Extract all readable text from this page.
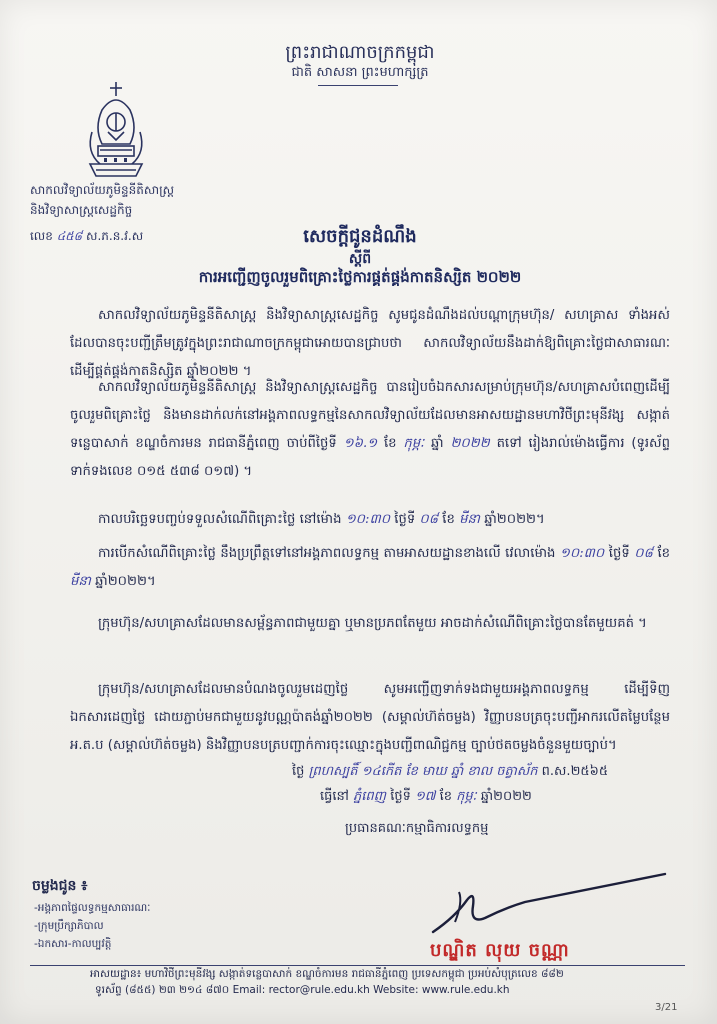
ព្រះរាជាណាចក្រកម្ពុជា
ជាតិ សាសនា ព្រះមហាក្សត្រ
សាកលវិទ្យាល័យភូមិន្ទនីតិសាស្ត្រ
និងវិទ្យាសាស្ត្រសេដ្ឋកិច្ច
លេខ ៤៥៨ ស.ភ.ន.វ.ស	សេចក្តីជូនដំណឹង
ស្តីពី
ការអញ្ជើញចូលរួមពិគ្រោះថ្លៃការផ្គត់ផ្គង់កាតនិស្សិត ២០២២
សាកលវិទ្យាល័យភូមិន្ទនីតិសាស្ត្រ និងវិទ្យាសាស្ត្រសេដ្ឋកិច្ច សូមជូនដំណឹងដល់បណ្តាក្រុមហ៊ុន/ សហគ្រាស ទាំងអស់ ដែលបានចុះបញ្ជីត្រឹមត្រូវក្នុងព្រះរាជាណាចក្រកម្ពុជាអោយបានជ្រាបថា សាកលវិទ្យាល័យនឹងដាក់ឱ្យពិគ្រោះថ្លៃជាសាធារណៈ ដើម្បីផ្គត់ផ្គង់កាតនិស្សិត ឆ្នាំ២០២២ ។
សាកលវិទ្យាល័យភូមិន្ទនីតិសាស្ត្រ និងវិទ្យាសាស្ត្រសេដ្ឋកិច្ច បានរៀបចំឯកសារសម្រាប់ក្រុមហ៊ុន/សហគ្រាសបំពេញដើម្បីចូលរួមពិគ្រោះថ្លៃ និងមានដាក់លក់នៅអង្គភាពលទ្ធកម្មនៃសាកលវិទ្យាល័យដែលមានអាសយដ្ឋានមហាវិថីព្រះមុនីវង្ស សង្កាត់ទន្លេបាសាក់ ខណ្ឌចំការមន រាជធានីភ្នំពេញ ចាប់ពីថ្ងៃទី ១៦.១ ខែ កុម្ភៈ ឆ្នាំ ២០២២ តទៅ រៀងរាល់ម៉ោងធ្វើការ (ទូរស័ព្ទទាក់ទងលេខ ០១៥ ៥៣៨ ០១៧) ។
កាលបរិច្ឆេទបញ្ចប់ទទួលសំណើពិគ្រោះថ្លៃ នៅម៉ោង ១០:៣០ ថ្ងៃទី ០៨ ខែ មីនា ឆ្នាំ២០២២។
ការបើកសំណើពិគ្រោះថ្លៃ នឹងប្រព្រឹត្តទៅនៅអង្គភាពលទ្ធកម្ម តាមអាសយដ្ឋានខាងលើ វេលាម៉ោង ១០:៣០ ថ្ងៃទី ០៨ ខែ មីនា ឆ្នាំ២០២២។
ក្រុមហ៊ុន/សហគ្រាសដែលមានសម្ព័ន្ធភាពជាមួយគ្នា ឬមានប្រភពតែមួយ អាចដាក់សំណើពិគ្រោះថ្លៃបានតែមួយគត់ ។
ក្រុមហ៊ុន/សហគ្រាសដែលមានបំណងចូលរួមដេញថ្លៃ សូមអញ្ជើញទាក់ទងជាមួយអង្គភាពលទ្ធកម្ម ដើម្បីទិញឯកសារដេញថ្លៃ ដោយភ្ជាប់មកជាមួយនូវបណ្ណប៉ាតង់ឆ្នាំ២០២២ (សម្គាល់ហ៊ត់ចម្លង) វិញ្ញាបនបត្រចុះបញ្ជីអាករលើតម្លៃបន្ថែម អ.ត.ប (សម្គាល់ហ៊ត់ចម្លង) និងវិញ្ញាបនបត្របញ្ជាក់ការចុះឈ្មោះក្នុងបញ្ជីពាណិជ្ជកម្ម ច្បាប់ថតចម្លងចំនួនមួយច្បាប់។
ថ្ងៃ ព្រហស្បតិ៍ ១៤កើត ខែ មាឃ ឆ្នាំ ខាល ចត្វាស័ក ព.ស.២៥៦៥
ធ្វើនៅ ភ្នំពេញ ថ្ងៃទី ១៧ ខែ កុម្ភៈ ឆ្នាំ២០២២
ប្រធានគណៈកម្មាធិការលទ្ធកម្ម
ចម្លងជូន ៖
-អង្គភាពផ្ទៃលទ្ធកម្មសាធារណៈ
-ក្រុមប្រឹក្សាភិបាល
-ឯកសារ-កាលប្បវត្តិ	បណ្ឌិត លុយ ចណ្ណា
អាសយដ្ឋាន៖ មហាវិថីព្រះមុនីវង្ស សង្កាត់ទន្លេបាសាក់ ខណ្ឌចំការមន រាជធានីភ្នំពេញ ប្រទេសកម្ពុជា ប្រអប់សំបុត្រលេខ ៨៨២
ទូរស័ព្ទ (៨៥៥) ២៣ ២១៤ ៨៧០ Email: rector@rule.edu.kh Website: www.rule.edu.kh
3/21
